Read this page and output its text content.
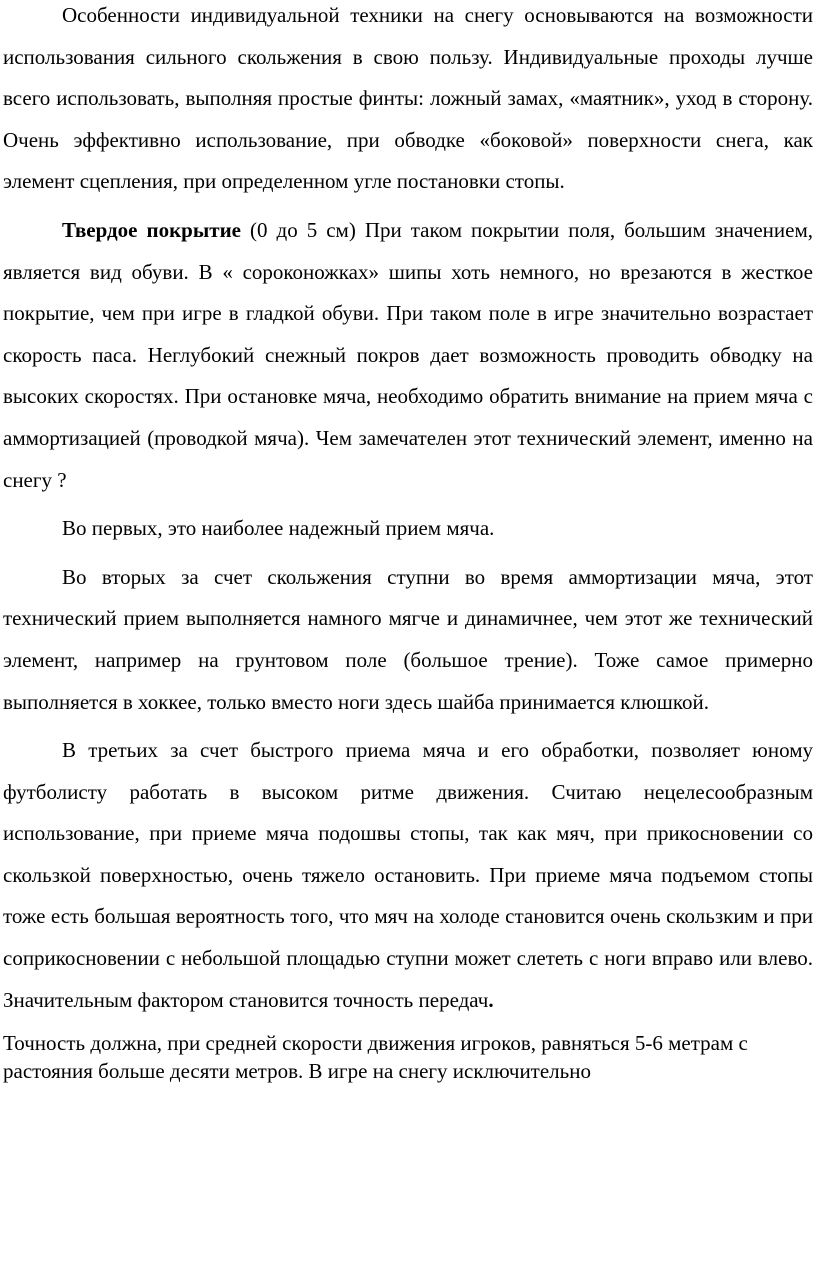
Особенности индивидуальной техники на снегу основываются на возможности использования сильного скольжения в свою пользу. Индивидуальные проходы лучше всего использовать, выполняя простые финты: ложный замах, «маятник», уход в сторону. Очень эффективно использование, при обводке «боковой» поверхности снега, как элемент сцепления, при определенном угле постановки стопы.

Твердое покрытие (0 до 5 см) При таком покрытии поля, большим значением, является вид обуви. В « сороконожках» шипы хоть немного, но врезаются в жесткое покрытие, чем при игре в гладкой обуви. При таком поле в игре значительно возрастает скорость паса. Неглубокий снежный покров дает возможность проводить обводку на высоких скоростях. При остановке мяча, необходимо обратить внимание на прием мяча с аммортизацией (проводкой мяча). Чем замечателен этот технический элемент, именно на снегу ?

Во первых, это наиболее надежный прием мяча.

Во вторых за счет скольжения ступни во время аммортизации мяча, этот технический прием выполняется намного мягче и динамичнее, чем этот же технический элемент, например на грунтовом поле (большое трение). Тоже самое примерно выполняется в хоккее, только вместо ноги здесь шайба принимается клюшкой.

В третьих за счет быстрого приема мяча и его обработки, позволяет юному футболисту работать в высоком ритме движения. Считаю нецелесообразным использование, при приеме мяча подошвы стопы, так как мяч, при прикосновении со скользкой поверхностью, очень тяжело остановить. При приеме мяча подъемом стопы тоже есть большая вероятность того, что мяч на холоде становится очень скользким и при соприкосновении с небольшой площадью ступни может слететь с ноги вправо или влево. Значительным фактором становится точность передач.

Точность должна, при средней скорости движения игроков, равняться 5-6 метрам с растояния больше десяти метров. В игре на снегу исключительно
